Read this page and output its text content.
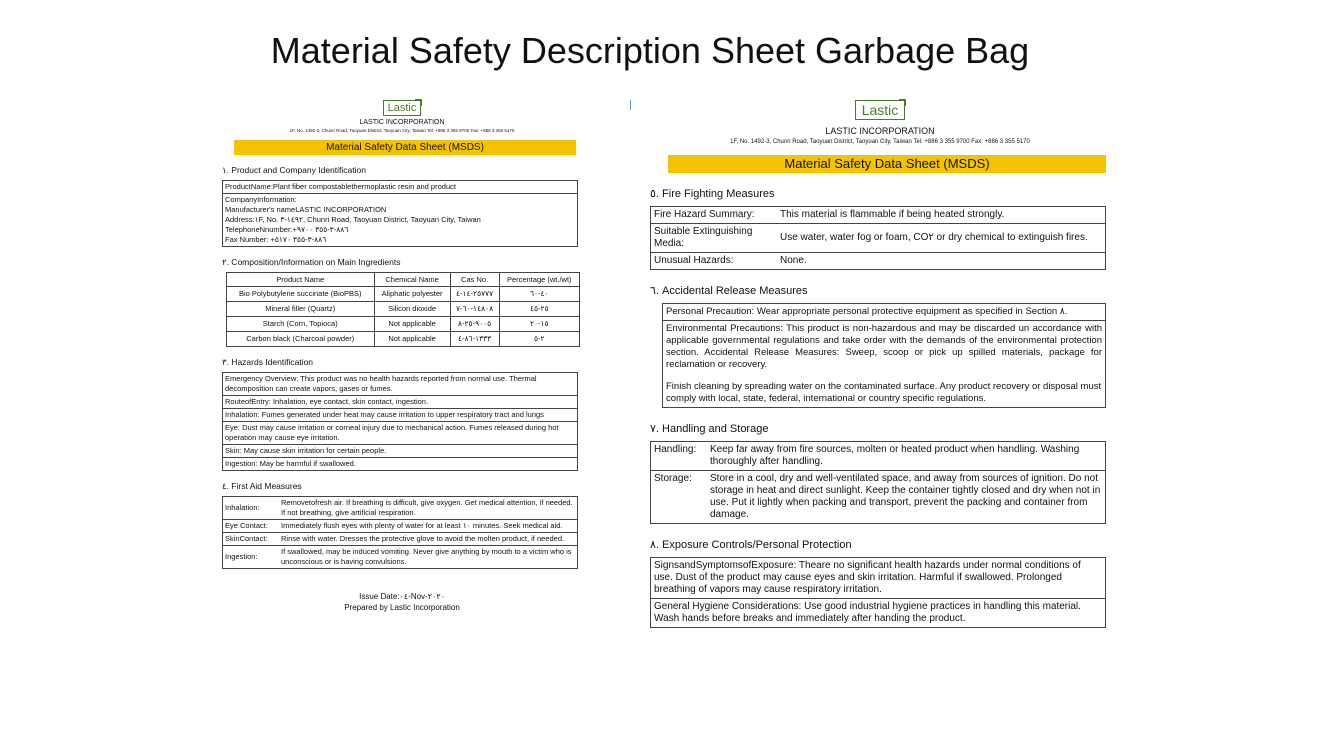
Material Safety Description Sheet Garbage Bag
Lastic
LASTIC INCORPORATION
1F, No. 1492-3, Chunri Road, Taoyuan District, Taoyuan City, Taiwan Tel: +886 3 355 9700 Fax: +886 3 355 5170
Material Safety Data Sheet (MSDS)
١. Product and Company Identification
ProductName:Plant fiber compostablethermoplastic resin and product

CompanyInformation:
Manufacturer's nameLASTIC INCORPORATION
Address:١F, No. ١٤٩٢-٣, Chunri Road, Taoyuan District, Taoyuan City, Taiwan
TelephoneNnumber:+٨٨٦-٣-٣٥٥ ٩٧٠٠
Fax Number: +٨٨٦-٣-٣٥٥ ٥١٧٠
٢. Composition/Information on Main Ingredients
Product Name	Chemical Name	Cas No.	Percentage (wt./wt)
Bio Polybutylene succinate (BioPBS)	Aliphatic polyester	٢٥٧٧٧-١٤-٤	٤٠-٦٠
Mineral filler (Quartz)	Silicon dioxide	١٤٨٠٨-٦٠-٧	٢٥-٤٥
Starch (Corn, Topioca)	Not applicable	٩٠٠٥-٢٥-٨	١٥-٢٠
Carbon black (Charcoal powder)	Not applicable	١٣٣٣-٨٦-٤	٢-٥
٣. Hazards Identification
Emergency Overview: This product was no health hazards reported from normal use. Thermal decomposition can create vapors, gases or fumes.
RouteofEntry: Inhalation, eye contact, skin contact, ingestion.
Inhalation: Fumes generated under heat may cause irritation to upper respiratory tract and lungs
Eye: Dust may cause irritation or corneal injury due to mechanical action. Fumes released during hot operation may cause eye irritation.
Skin: May cause skin irritation for certain people.
Ingestion: May be harmful if swallowed.
٤. First Aid Measures
Inhalation:	Removetofresh air. If breathing is difficult, give oxygen. Get medical attention, if needed. If not breathing, give artificial respiration.
Eye Contact:	Immediately flush eyes with plenty of water for at least ١٠ minutes. Seek medical aid.
SkinContact:	Rinse with water. Dresses the protective glove to avoid the molten product, if needed.
Ingestion:	If swallowed, may be induced vomiting. Never give anything by mouth to a victim who is unconscious or is having convulsions.
Issue Date:٠٤-Nov-٢٠٢٠
Prepared by Lastic Incorporation
Lastic
LASTIC INCORPORATION
1F, No. 1492-3, Chunri Road, Taoyuan District, Taoyuan City, Taiwan Tel: +886 3 355 9700 Fax: +886 3 355 5170
Material Safety Data Sheet (MSDS)
٥. Fire Fighting Measures
Fire Hazard Summary:	This material is flammable if being heated strongly.
Suitable Extinguishing Media:	Use water, water fog or foam, CO٢ or dry chemical to extinguish fires.
Unusual Hazards:	None.
٦. Accidental Release Measures
Personal Precaution: Wear appropriate personal protective equipment as specified in Section ٨.

Environmental Precautions: This product is non-hazardous and may be discarded un accordance with applicable governmental regulations and take order with the demands of the environmental protection section. Accidental Release Measures: Sweep, scoop or pick up spilled materials, package for reclamation or recovery.
Finish cleaning by spreading water on the contaminated surface. Any product recovery or disposal must comply with local, state, federal, international or country specific regulations.
٧. Handling and Storage
Handling:	Keep far away from fire sources, molten or heated product when handling. Washing thoroughly after handling.
Storage:	Store in a cool, dry and well-ventilated space, and away from sources of ignition. Do not storage in heat and direct sunlight. Keep the container tightly closed and dry when not in use. Put it lightly when packing and transport, prevent the packing and container from damage.
٨. Exposure Controls/Personal Protection
SignsandSymptomsofExposure: Theare no significant health hazards under normal conditions of use. Dust of the product may cause eyes and skin irritation. Harmful if swallowed. Prolonged breathing of vapors may cause respiratory irritation.
General Hygiene Considerations: Use good industrial hygiene practices in handling this material. Wash hands before breaks and immediately after handing the product.
